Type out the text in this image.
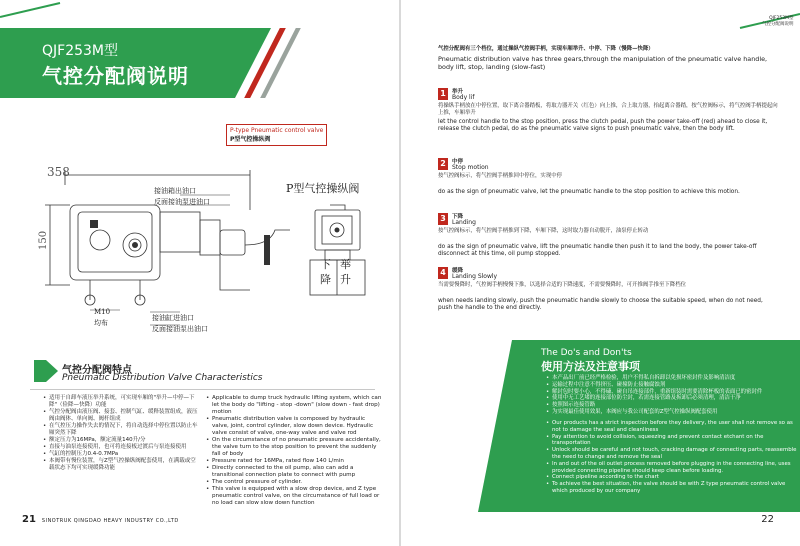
QJF253M型
气控分配阀说明
P-type Pneumatic control valve
P型气控操纵阀
358
150
接油箱出油口
反面接油泵进油口
P型气控操纵阀
M10
均布
接油缸进油口
反面接油泵出油口
下 举
降 升
气控分配阀特点
Pneumatic Distribution Valve Characteristics
• 适用于自卸车液压举升系统，可实现车厢的"举升—中停—下降"（俭降—快降）功能
• 气控分配阀由液压阀、接套、控制气缸、缓释装置组成，液压阀由阀体、单向阀、阀杆组成
• 在气控压力操作失去的情况下，将自动选择中停位置以防止车厢突然下降
• 额定压力为16MPa，额定流量140升/分
• 直接与油泵连接使用，也可将连接板过渡后与泵连接使用
• 气缸的控制压力0.4-0.7MPa
• 本阀带有慢位装置，与Z型气控操纵阀配套使用，在满载或空载状态下均可实现缓降功能
• Applicable to dump truck hydraulic lifting system, which can let the body do "lifting - stop -down" (slow down - fast drop) motion
• Pneumatic distribution valve is composed by hydraulic valve, joint, control cylinder, slow down device. Hydraulic valve consist of valve, one-way valve and valve rod
• On the circumstance of no pneumatic pressure accidentally, the valve turn to the stop position to prevent the suddenly fall of body
• Pressure rated for 16MPa, rated flow 140 L/min
• Directly connected to the oil pump, also can add a transitional connection plate to connect with pump
• The control pressure of cylinder.
• This valve is equipped with a slow drop device, and Z type pneumatic control valve, on the circumstance of full load or no load can slow slow down function
21 SINOTRUK QINGDAO HEAVY INDUSTRY CO.,LTD
QJF253M型
气控分配阀说明
气控分配阀有三个档位，通过操纵气控阀手柄，实现车厢举升、中停、下降（慢降—快降）
Pneumatic distribution valve has three gears,through the manipulation of the pneumatic valve handle, body lift, stop, landing (slow-fast)
1	举升
Body lif
将操纵手柄放在中停位置，取下离合器踏板，将取力器开关（红色）向上推，合上取力器，抬起离合器踏，按气控阀标示，将气控阀手柄提起向上推，车厢举升
let the control handle to the stop position, press the clutch pedal, push the power take-off (red) ahead to close it, release the clutch pedal, do as the pneumatic valve signs to push pneumatic valve, then the body lift.
2	中停
Stop motion
按气控阀标示，将气控阀手柄推回中停位，实现中停
do as the sign of pneumatic valve, let the pneumatic handle to the stop position to achieve this motion.
3	下降
Landing
按气控阀标示，将气控阀手柄推到下降，车厢下降，这时取力器自动脱开，油泵停止转动
do as the sign of pneumatic valve, lift the pneumatic handle then push it to land the body, the power take-off disconnect at this time, oil pump stopped.
4	缓降
Landing Slowly
当需要慢降时，气控阀手柄慢慢下推，以选择合适的下降速度，不需要慢降时，可开推阀手推至下降档位
when needs landing slowly, push the pneumatic handle slowly to choose the suitable speed, when do not need, push the handle to the end directly.
The Do's and Don'ts
使用方法及注意事项
• 本产品出厂前已经严格检验，用户不得私自拆卸以免损坏密封件及影响清洁度
• 运输过程中注意不得挤压、碰撞防止接触腐蚀剂
• 解封包时要小心，不得磕、碰自吊连接部件，重新组装时需要清除杯板的表面已的密封件
• 使用中无工艺堵的连接部位防尘封，若需连接管路及拆卸后必须清理，清洁干净
• 按照图示连接管路
• 为实现最佳使用效果，本阀应与我公司配套的Z型气控操纵阀配套使用
• Our products has a strict inspection before they delivery, the user shall not remove so as not to damage the seal and cleanliness
• Pay attention to avoid collision, squeezing and prevent contact etchant on the transportation
• Unlock should be careful and not touch, cracking damage of connecting parts, reassemble the need to change and remove the seal
• In and out of the oil outlet process removed before plugging in the connecting line, uses provided connecting pipeline should keep clean before loading.
• Connect pipeline according to the chart
• To achieve the best situation, the valve should be with Z type pneumatic control valve which produced by our company
22
